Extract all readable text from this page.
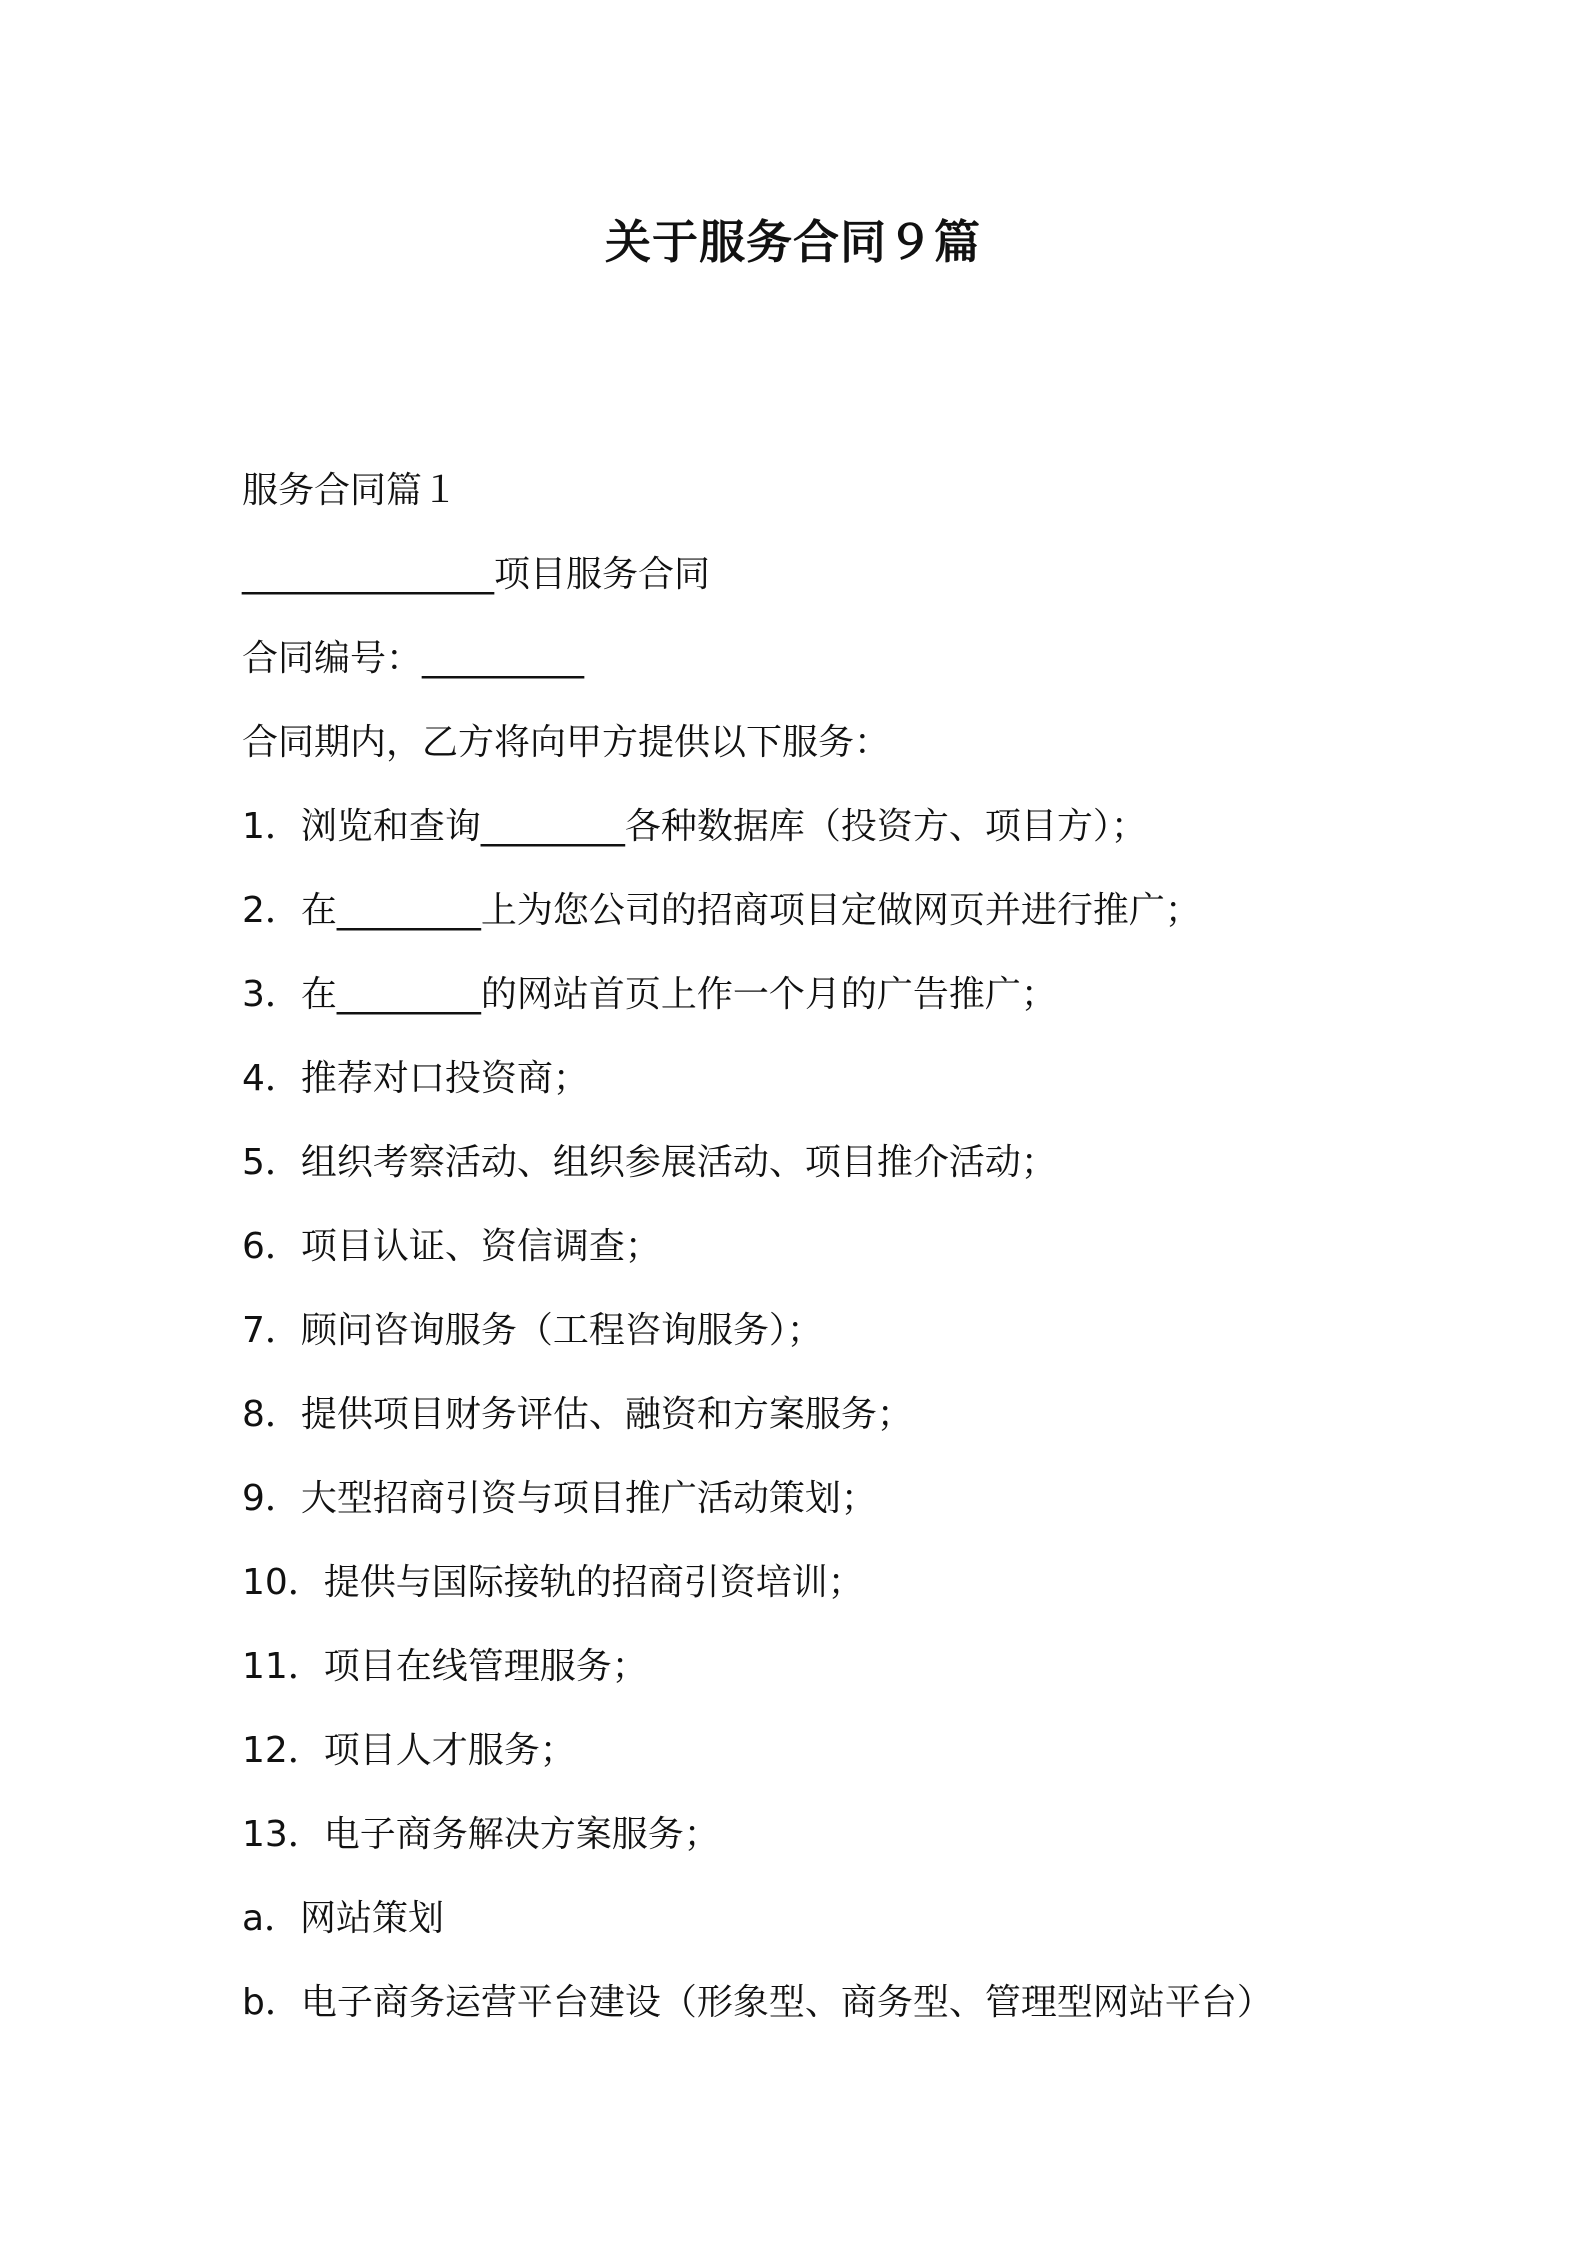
关于服务合同９篇

服务合同篇１

______________项目服务合同

合同编号：_________

合同期内，乙方将向甲方提供以下服务：

1．浏览和查询________各种数据库（投资方、项目方）；

2．在________上为您公司的招商项目定做网页并进行推广；

3．在________的网站首页上作一个月的广告推广；

4．推荐对口投资商；

5．组织考察活动、组织参展活动、项目推介活动；

6．项目认证、资信调查；

7．顾问咨询服务（工程咨询服务）；

8．提供项目财务评估、融资和方案服务；

9．大型招商引资与项目推广活动策划；

10．提供与国际接轨的招商引资培训；

11．项目在线管理服务；

12．项目人才服务；

13．电子商务解决方案服务；

a．网站策划

b．电子商务运营平台建设（形象型、商务型、管理型网站平台）
